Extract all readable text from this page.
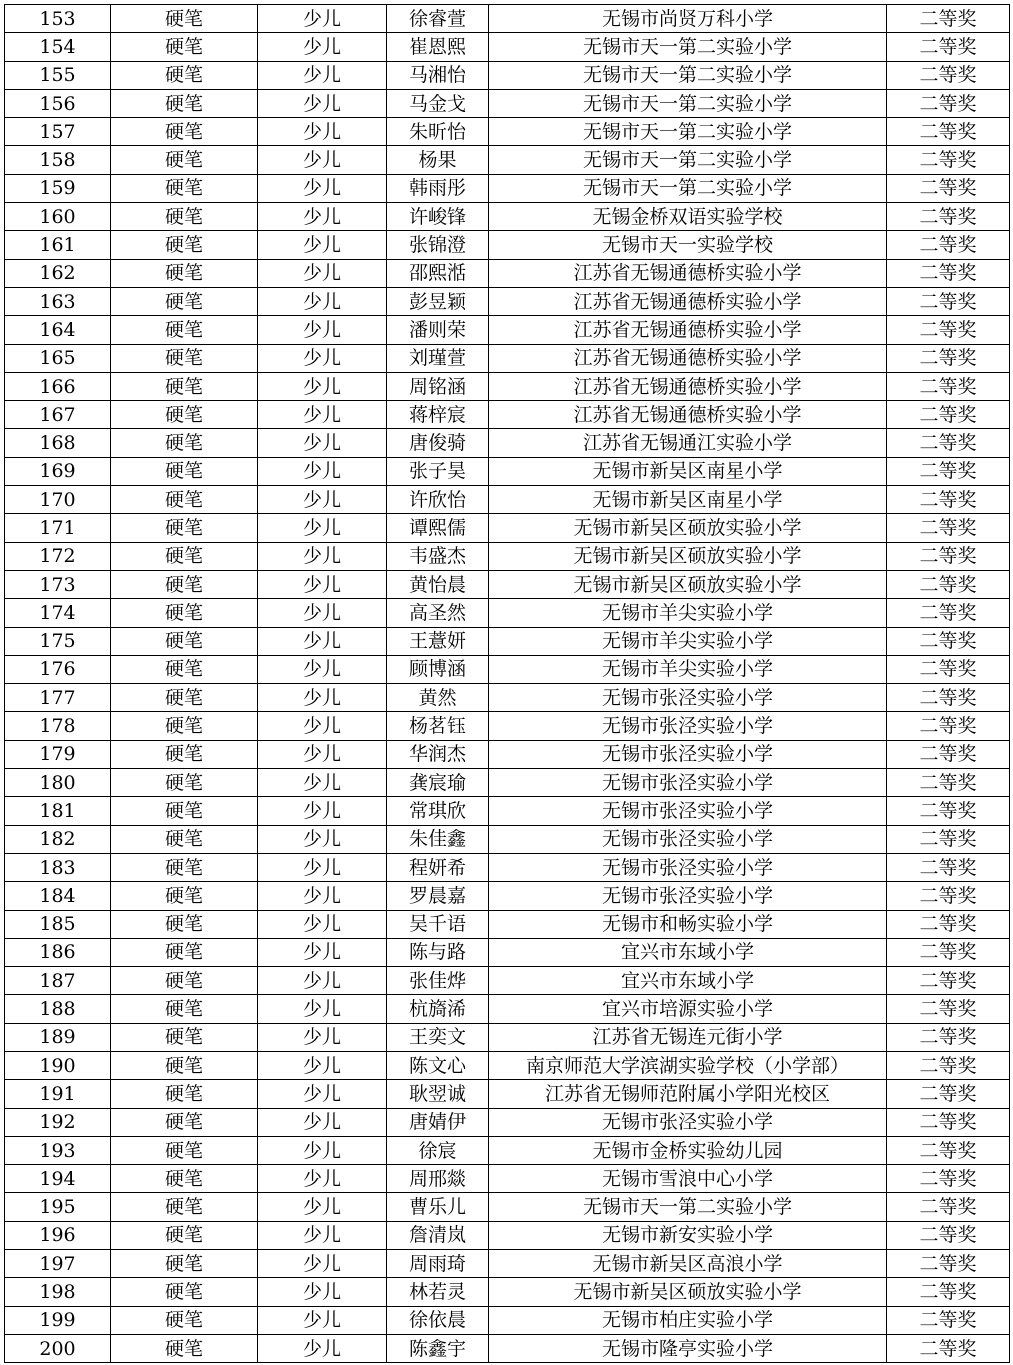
153	硬笔	少儿	徐睿萱	无锡市尚贤万科小学	二等奖
154	硬笔	少儿	崔恩熙	无锡市天一第二实验小学	二等奖
155	硬笔	少儿	马湘怡	无锡市天一第二实验小学	二等奖
156	硬笔	少儿	马金戈	无锡市天一第二实验小学	二等奖
157	硬笔	少儿	朱昕怡	无锡市天一第二实验小学	二等奖
158	硬笔	少儿	杨果	无锡市天一第二实验小学	二等奖
159	硬笔	少儿	韩雨彤	无锡市天一第二实验小学	二等奖
160	硬笔	少儿	许峻锋	无锡金桥双语实验学校	二等奖
161	硬笔	少儿	张锦澄	无锡市天一实验学校	二等奖
162	硬笔	少儿	邵熙湉	江苏省无锡通德桥实验小学	二等奖
163	硬笔	少儿	彭昱颖	江苏省无锡通德桥实验小学	二等奖
164	硬笔	少儿	潘则荣	江苏省无锡通德桥实验小学	二等奖
165	硬笔	少儿	刘瑾萱	江苏省无锡通德桥实验小学	二等奖
166	硬笔	少儿	周铭涵	江苏省无锡通德桥实验小学	二等奖
167	硬笔	少儿	蒋梓宸	江苏省无锡通德桥实验小学	二等奖
168	硬笔	少儿	唐俊骑	江苏省无锡通江实验小学	二等奖
169	硬笔	少儿	张子昊	无锡市新吴区南星小学	二等奖
170	硬笔	少儿	许欣怡	无锡市新吴区南星小学	二等奖
171	硬笔	少儿	谭熙儒	无锡市新吴区硕放实验小学	二等奖
172	硬笔	少儿	韦盛杰	无锡市新吴区硕放实验小学	二等奖
173	硬笔	少儿	黄怡晨	无锡市新吴区硕放实验小学	二等奖
174	硬笔	少儿	高圣然	无锡市羊尖实验小学	二等奖
175	硬笔	少儿	王薏妍	无锡市羊尖实验小学	二等奖
176	硬笔	少儿	顾博涵	无锡市羊尖实验小学	二等奖
177	硬笔	少儿	黄然	无锡市张泾实验小学	二等奖
178	硬笔	少儿	杨茗钰	无锡市张泾实验小学	二等奖
179	硬笔	少儿	华润杰	无锡市张泾实验小学	二等奖
180	硬笔	少儿	龚宸瑜	无锡市张泾实验小学	二等奖
181	硬笔	少儿	常琪欣	无锡市张泾实验小学	二等奖
182	硬笔	少儿	朱佳鑫	无锡市张泾实验小学	二等奖
183	硬笔	少儿	程妍希	无锡市张泾实验小学	二等奖
184	硬笔	少儿	罗晨嘉	无锡市张泾实验小学	二等奖
185	硬笔	少儿	吴千语	无锡市和畅实验小学	二等奖
186	硬笔	少儿	陈与路	宜兴市东域小学	二等奖
187	硬笔	少儿	张佳烨	宜兴市东域小学	二等奖
188	硬笔	少儿	杭旖浠	宜兴市培源实验小学	二等奖
189	硬笔	少儿	王奕文	江苏省无锡连元街小学	二等奖
190	硬笔	少儿	陈文心	南京师范大学滨湖实验学校（小学部）	二等奖
191	硬笔	少儿	耿翌诚	江苏省无锡师范附属小学阳光校区	二等奖
192	硬笔	少儿	唐婧伊	无锡市张泾实验小学	二等奖
193	硬笔	少儿	徐宸	无锡市金桥实验幼儿园	二等奖
194	硬笔	少儿	周邢燚	无锡市雪浪中心小学	二等奖
195	硬笔	少儿	曹乐儿	无锡市天一第二实验小学	二等奖
196	硬笔	少儿	詹清岚	无锡市新安实验小学	二等奖
197	硬笔	少儿	周雨琦	无锡市新吴区高浪小学	二等奖
198	硬笔	少儿	林若灵	无锡市新吴区硕放实验小学	二等奖
199	硬笔	少儿	徐依晨	无锡市柏庄实验小学	二等奖
200	硬笔	少儿	陈鑫宇	无锡市隆亭实验小学	二等奖
